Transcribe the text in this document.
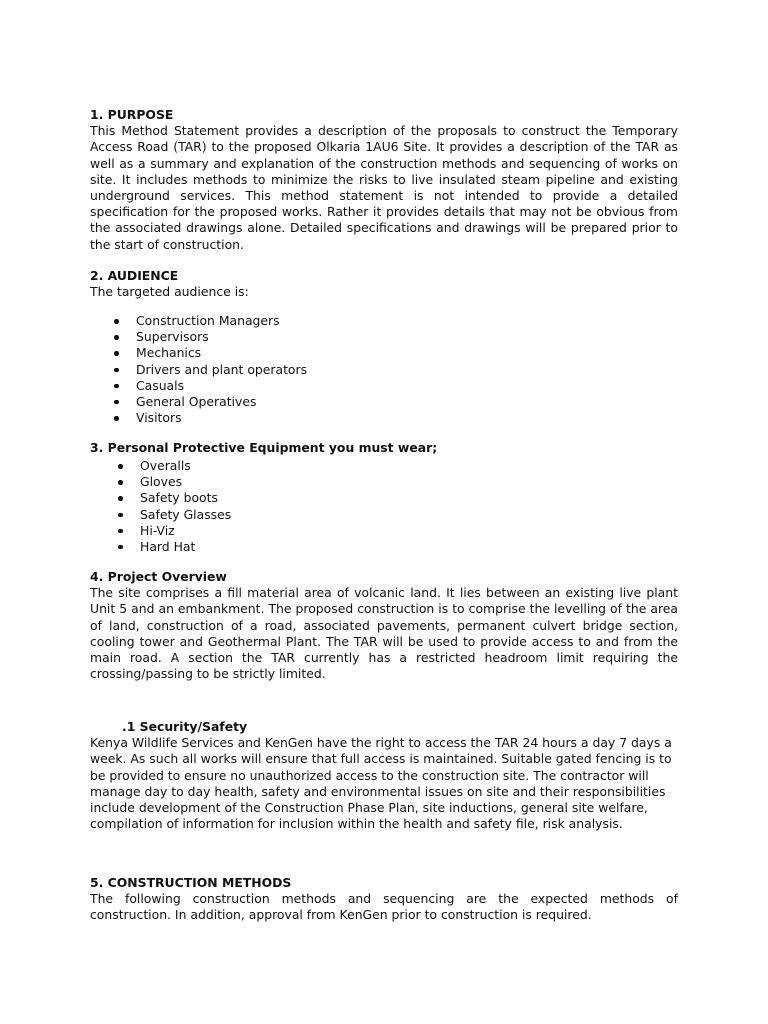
1. PURPOSE

This Method Statement provides a description of the proposals to construct the Temporary Access Road (TAR) to the proposed Olkaria 1AU6 Site. It provides a description of the TAR as well as a summary and explanation of the construction methods and sequencing of works on site. It includes methods to minimize the risks to live insulated steam pipeline and existing underground services. This method statement is not intended to provide a detailed specification for the proposed works. Rather it provides details that may not be obvious from the associated drawings alone. Detailed specifications and drawings will be prepared prior to the start of construction.

2. AUDIENCE

The targeted audience is:

Construction Managers
Supervisors
Mechanics
Drivers and plant operators
Casuals
General Operatives
Visitors

3. Personal Protective Equipment you must wear;

Overalls
Gloves
Safety boots
Safety Glasses
Hi-Viz
Hard Hat

4. Project Overview

The site comprises a fill material area of volcanic land. It lies between an existing live plant Unit 5 and an embankment. The proposed construction is to comprise the levelling of the area of land, construction of a road, associated pavements, permanent culvert bridge section, cooling tower and Geothermal Plant. The TAR will be used to provide access to and from the main road. A section the TAR currently has a restricted headroom limit requiring the crossing/passing to be strictly limited.

.1 Security/Safety

Kenya Wildlife Services and KenGen have the right to access the TAR 24 hours a day 7 days a week. As such all works will ensure that full access is maintained. Suitable gated fencing is to be provided to ensure no unauthorized access to the construction site. The contractor will manage day to day health, safety and environmental issues on site and their responsibilities include development of the Construction Phase Plan, site inductions, general site welfare, compilation of information for inclusion within the health and safety file, risk analysis.

5. CONSTRUCTION METHODS

The following construction methods and sequencing are the expected methods of construction. In addition, approval from KenGen prior to construction is required.
